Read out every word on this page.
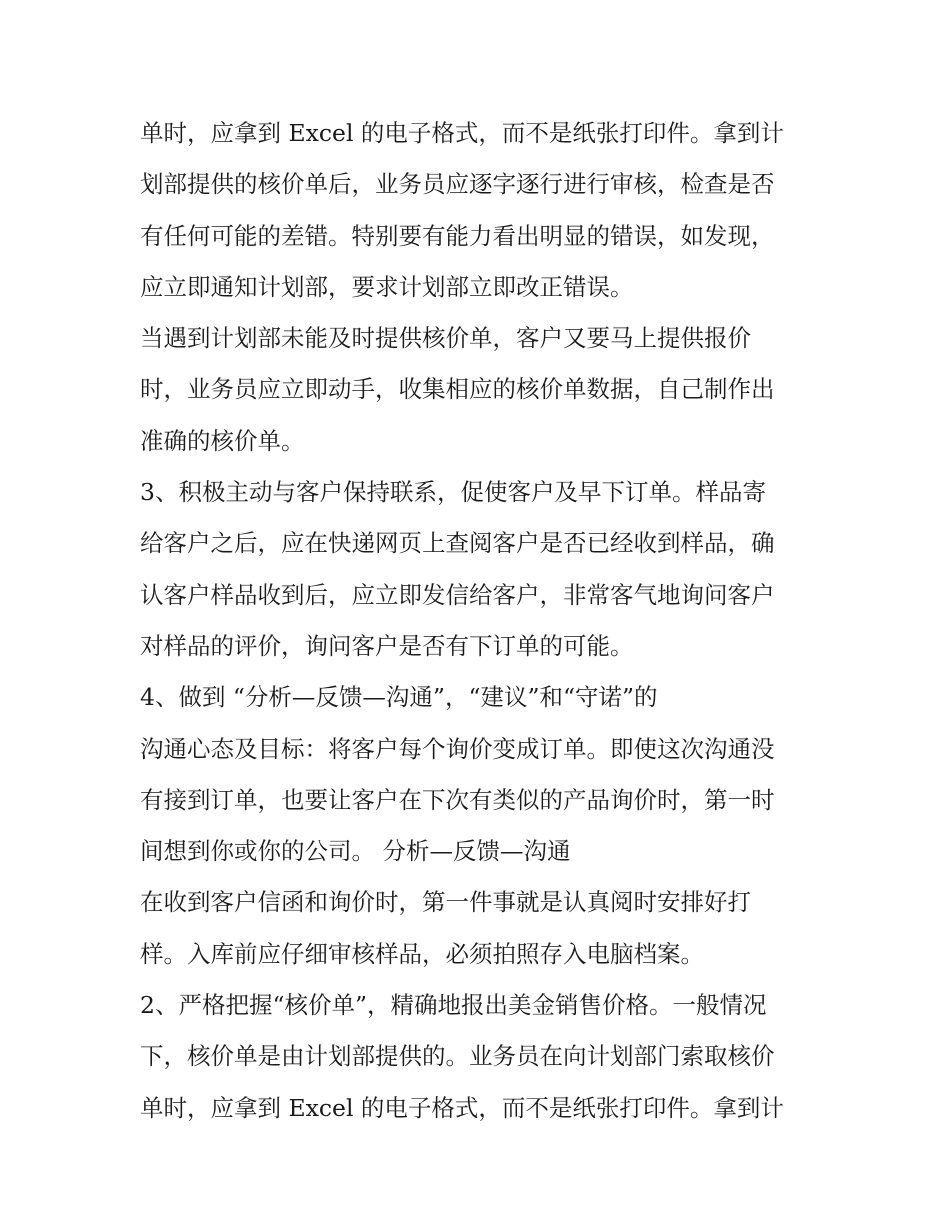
单时，应拿到 Excel 的电子格式，而不是纸张打印件。拿到计
划部提供的核价单后，业务员应逐字逐行进行审核，检查是否
有任何可能的差错。特别要有能力看出明显的错误，如发现，
应立即通知计划部，要求计划部立即改正错误。
当遇到计划部未能及时提供核价单，客户又要马上提供报价
时，业务员应立即动手，收集相应的核价单数据，自己制作出
准确的核价单。
3、积极主动与客户保持联系，促使客户及早下订单。样品寄
给客户之后，应在快递网页上查阅客户是否已经收到样品，确
认客户样品收到后，应立即发信给客户，非常客气地询问客户
对样品的评价，询问客户是否有下订单的可能。
4、做到 “分析—反馈—沟通”，“建议”和“守诺”的
沟通心态及目标：将客户每个询价变成订单。即使这次沟通没
有接到订单，也要让客户在下次有类似的产品询价时，第一时
间想到你或你的公司。 分析—反馈—沟通
在收到客户信函和询价时，第一件事就是认真阅时安排好打
样。入库前应仔细审核样品，必须拍照存入电脑档案。
2、严格把握“核价单”，精确地报出美金销售价格。一般情况
下，核价单是由计划部提供的。业务员在向计划部门索取核价
单时，应拿到 Excel 的电子格式，而不是纸张打印件。拿到计
